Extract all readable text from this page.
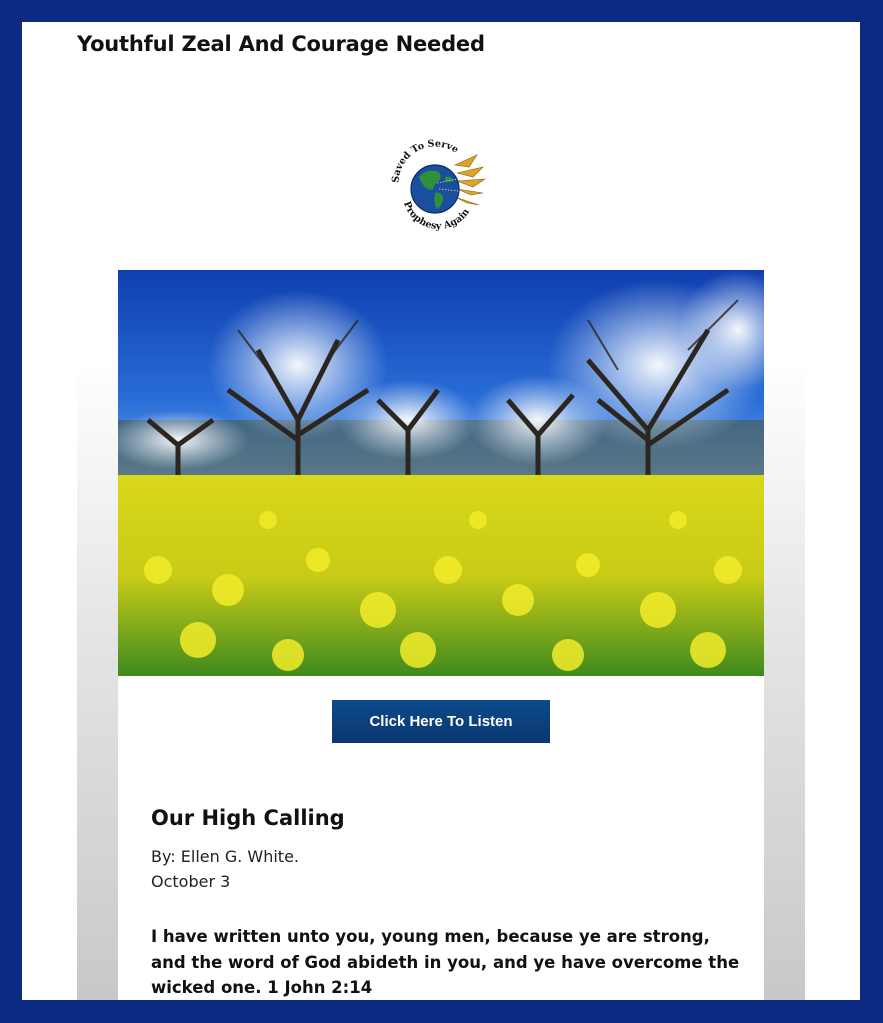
Youthful Zeal And Courage Needed
Saved To Serve
Prophesy Again
Click Here To Listen
Our High Calling
By: Ellen G. White.
October 3
I have written unto you, young men, because ye are strong, and the word of God abideth in you, and ye have overcome the wicked one. 1 John 2:14
